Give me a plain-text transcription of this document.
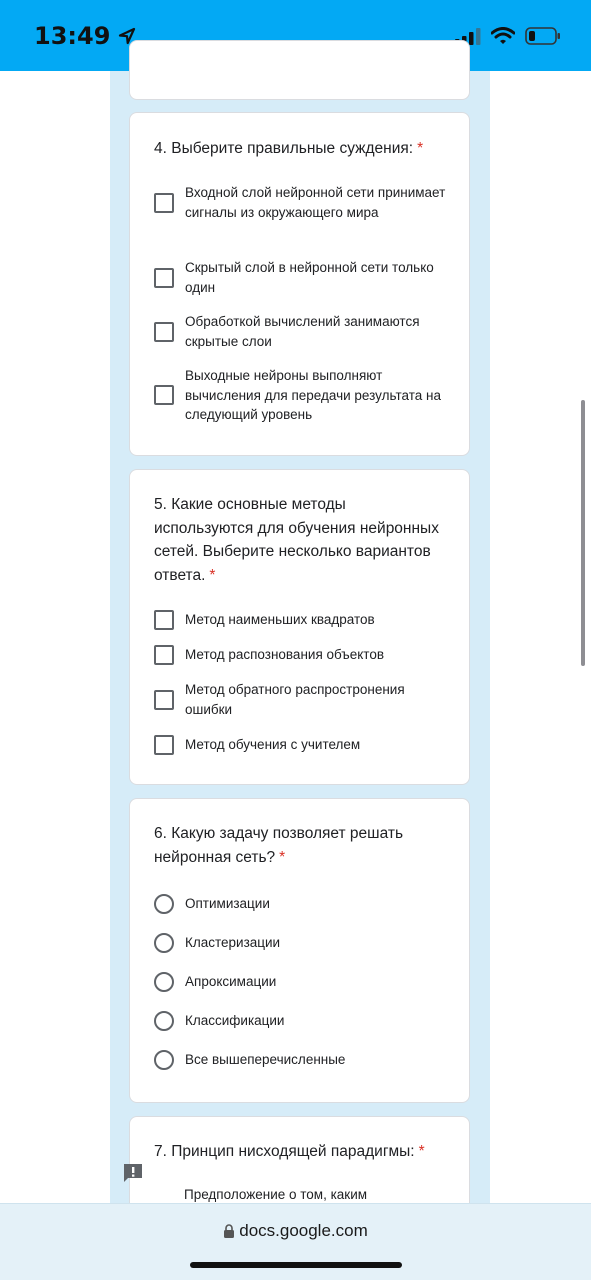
13:49
4. Выберите правильные суждения: *
Входной слой нейронной сети принимает сигналы из окружающего мира
Скрытый слой в нейронной сети только один
Обработкой вычислений занимаются скрытые слои
Выходные нейроны выполняют вычисления для передачи результата на следующий уровень
5. Какие основные методы используются для обучения нейронных сетей. Выберите несколько вариантов ответа. *
Метод наименьших квадратов
Метод распознования объектов
Метод обратного распростронения ошибки
Метод обучения с учителем
6. Какую задачу позволяет решать нейронная сеть? *
Оптимизации
Кластеризации
Апроксимации
Классификации
Все вышеперечисленные
7. Принцип нисходящей парадигмы: *
Предположение о том, каким
docs.google.com
